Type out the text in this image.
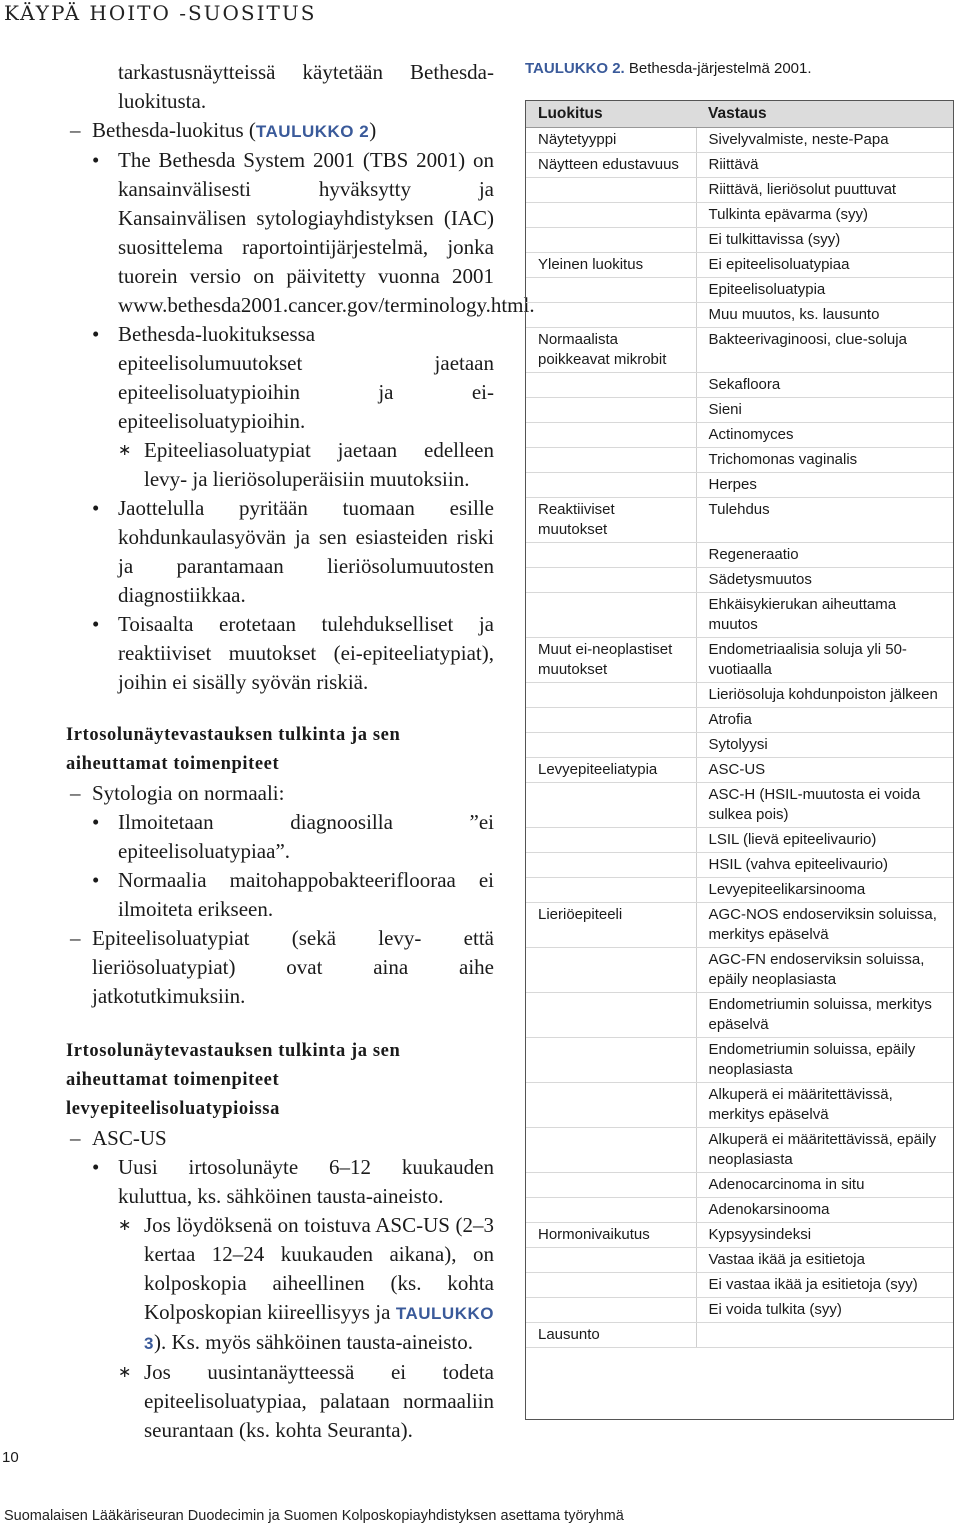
KÄYPÄ HOITO -SUOSITUS
tarkastusnäytteissä käytetään Bethesda-luokitusta.
– Bethesda-luokitus (TAULUKKO 2)
• The Bethesda System 2001 (TBS 2001) on kansainvälisesti hyväksytty ja Kansainvälisen sytologiayhdistyksen (IAC) suosittelema raportointijärjestelmä, jonka tuorein versio on päivitetty vuonna 2001 www.bethesda2001.cancer.gov/terminology.html.
• Bethesda-luokituksessa epiteelisolumuutokset jaetaan epiteelisoluatypioihin ja ei-epiteelisoluatypioihin.
∗ Epiteeliasoluatypiat jaetaan edelleen levy- ja lieriösoluperäisiin muutoksiin.
• Jaottelulla pyritään tuomaan esille kohdunkaulasyövän ja sen esiasteiden riski ja parantamaan lieriösolumuutosten diagnostiikkaa.
• Toisaalta erotetaan tulehdukselliset ja reaktiiviset muutokset (ei-epiteeliatypiat), joihin ei sisälly syövän riskiä.
Irtosolunäytevastauksen tulkinta ja sen aiheuttamat toimenpiteet
– Sytologia on normaali:
• Ilmoitetaan diagnoosilla ”ei epiteelisoluatypiaa”.
• Normaalia maitohappobakteerifloorаа ei ilmoiteta erikseen.
– Epiteelisoluatypiat (sekä levy- että lieriösoluatypiat) ovat aina aihe jatkotutkimuksiin.
Irtosolunäytevastauksen tulkinta ja sen aiheuttamat toimenpiteet levyepiteelisoluatypioissa
– ASC-US
• Uusi irtosolunäyte 6–12 kuukauden kuluttua, ks. sähköinen tausta-aineisto.
∗ Jos löydöksenä on toistuva ASC-US (2–3 kertaa 12–24 kuukauden aikana), on kolposkopia aiheellinen (ks. kohta Kolposkopian kiireellisyys ja TAULUKKO 3). Ks. myös sähköinen tausta-aineisto.
∗ Jos uusintanäytteessä ei todeta epiteelisoluatypiaa, palataan normaaliin seurantaan (ks. kohta Seuranta).
TAULUKKO 2. Bethesda-järjestelmä 2001.
Luokitus	Vastaus
Näytetyyppi	Sivelyvalmiste, neste-Papa
Näytteen edustavuus	Riittävä
	Riittävä, lieriösolut puuttuvat
	Tulkinta epävarma (syy)
	Ei tulkittavissa (syy)
Yleinen luokitus	Ei epiteelisoluatypiaa
	Epiteelisoluatypia
	Muu muutos, ks. lausunto
Normaalista poikkeavat mikrobit	Bakteerivaginoosi, clue-soluja
	Sekafloora
	Sieni
	Actinomyces
	Trichomonas vaginalis
	Herpes
Reaktiiviset muutokset	Tulehdus
	Regeneraatio
	Sädetysmuutos
	Ehkäisykierukan aiheuttama muutos
Muut ei-neoplastiset muutokset	Endometriaalisia soluja yli 50-vuotiaalla
	Lieriösoluja kohdunpoiston jälkeen
	Atrofia
	Sytolyysi
Levyepiteeliatypia	ASC-US
	ASC-H (HSIL-muutosta ei voida sulkea pois)
	LSIL (lievä epiteelivaurio)
	HSIL (vahva epiteelivaurio)
	Levyepiteelikarsinooma
Lieriöepiteeli	AGC-NOS endoserviksin soluissa, merkitys epäselvä
	AGC-FN endoserviksin soluissa, epäily neoplasiasta
	Endometriumin soluissa, merkitys epäselvä
	Endometriumin soluissa, epäily neoplasiasta
	Alkuperä ei määritettävissä, merkitys epäselvä
	Alkuperä ei määritettävissä, epäily neoplasiasta
	Adenocarcinoma in situ
	Adenokarsinooma
Hormonivaikutus	Kypsyysindeksi
	Vastaa ikää ja esitietoja
	Ei vastaa ikää ja esitietoja (syy)
	Ei voida tulkita (syy)
Lausunto	
10
Suomalaisen Lääkäriseuran Duodecimin ja Suomen Kolposkopiayhdistyksen asettama työryhmä
